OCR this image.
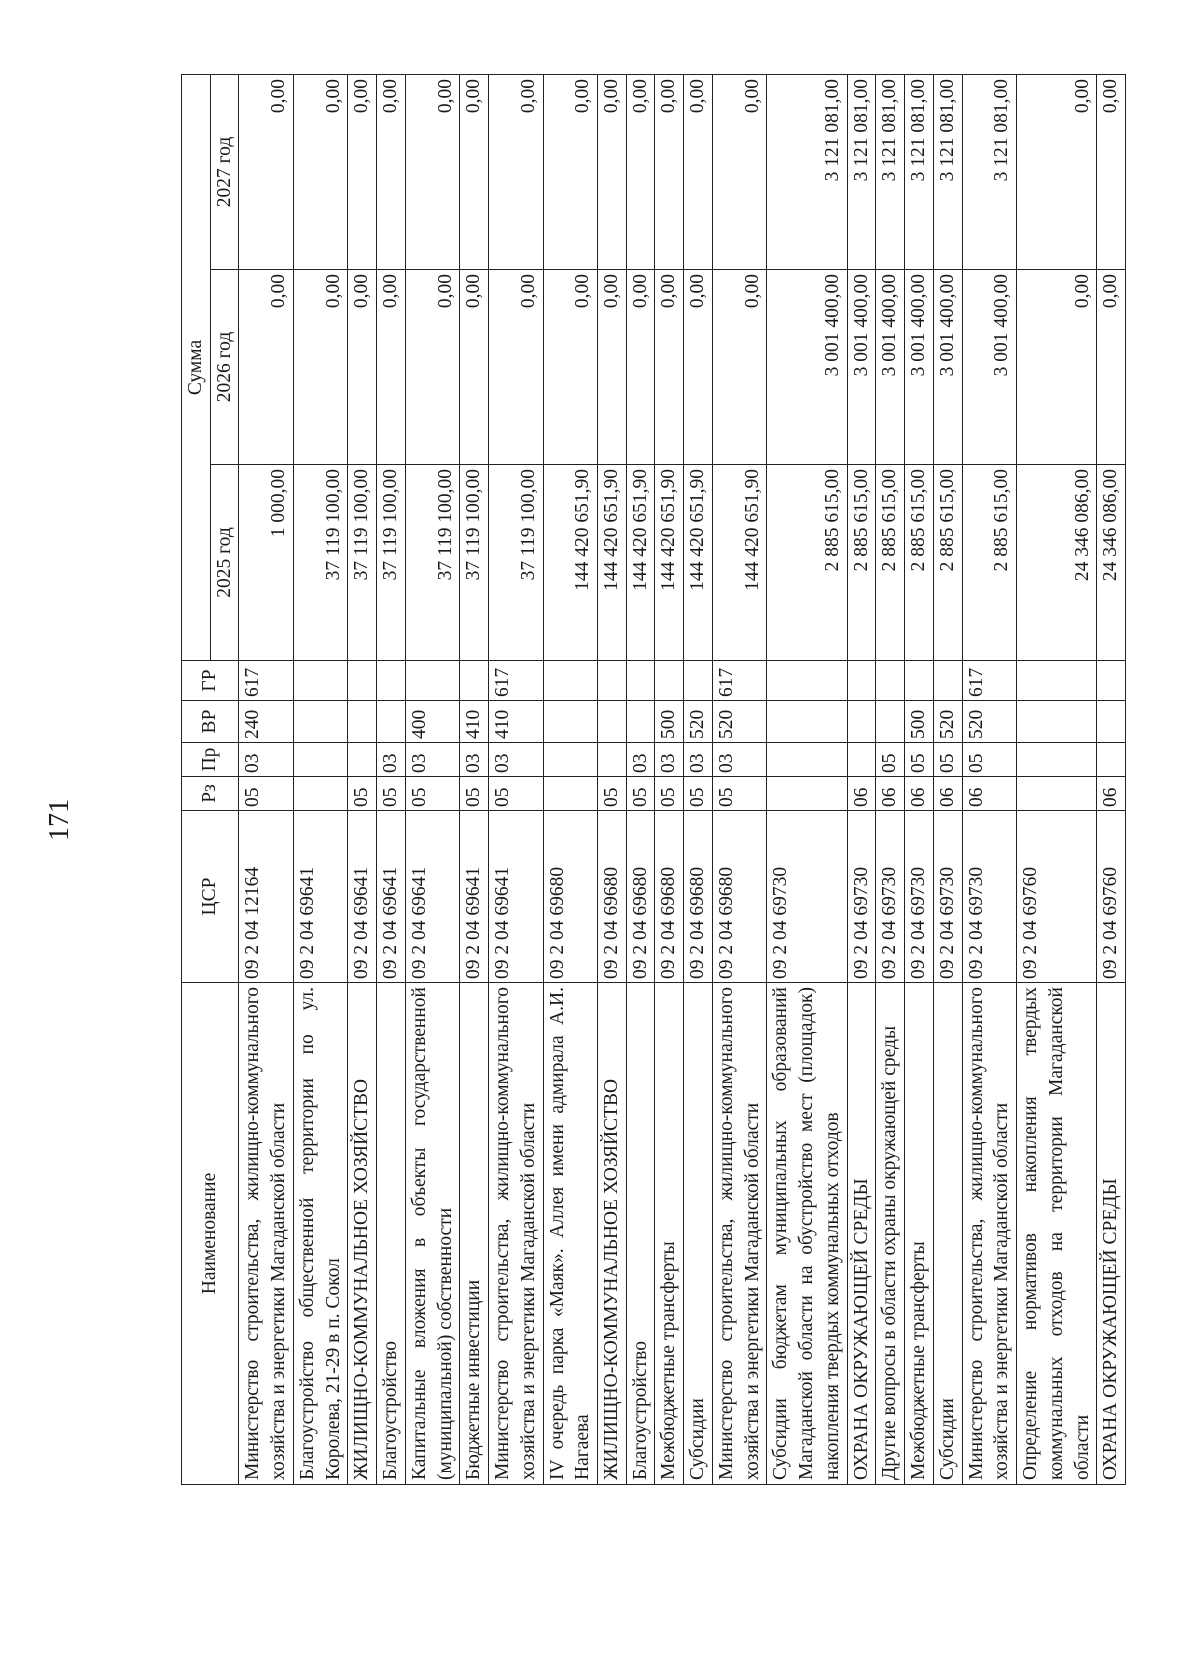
171
Наименование	ЦСР	Рз	Пр	ВР	ГР	Сумма		
						2025 год	2026 год	2027 год
Министерство строительства, жилищно-коммунального хозяйства и энергетики Магаданской области	09 2 04 12164	05	03	240	617	1 000,00	0,00	0,00
Благоустройство общественной территории по ул. Королева, 21-29 в п. Сокол	09 2 04 69641					37 119 100,00	0,00	0,00
ЖИЛИЩНО-КОММУНАЛЬНОЕ ХОЗЯЙСТВО	09 2 04 69641	05				37 119 100,00	0,00	0,00
Благоустройство	09 2 04 69641	05	03			37 119 100,00	0,00	0,00
Капитальные вложения в объекты государственной (муниципальной) собственности	09 2 04 69641	05	03	400		37 119 100,00	0,00	0,00
Бюджетные инвестиции	09 2 04 69641	05	03	410		37 119 100,00	0,00	0,00
Министерство строительства, жилищно-коммунального хозяйства и энергетики Магаданской области	09 2 04 69641	05	03	410	617	37 119 100,00	0,00	0,00
IV очередь парка «Маяк». Аллея имени адмирала А.И. Нагаева	09 2 04 69680					144 420 651,90	0,00	0,00
ЖИЛИЩНО-КОММУНАЛЬНОЕ ХОЗЯЙСТВО	09 2 04 69680	05				144 420 651,90	0,00	0,00
Благоустройство	09 2 04 69680	05	03			144 420 651,90	0,00	0,00
Межбюджетные трансферты	09 2 04 69680	05	03	500		144 420 651,90	0,00	0,00
Субсидии	09 2 04 69680	05	03	520		144 420 651,90	0,00	0,00
Министерство строительства, жилищно-коммунального хозяйства и энергетики Магаданской области	09 2 04 69680	05	03	520	617	144 420 651,90	0,00	0,00
Субсидии бюджетам муниципальных образований Магаданской области на обустройство мест (площадок) накопления твердых коммунальных отходов	09 2 04 69730					2 885 615,00	3 001 400,00	3 121 081,00
ОХРАНА ОКРУЖАЮЩЕЙ СРЕДЫ	09 2 04 69730	06				2 885 615,00	3 001 400,00	3 121 081,00
Другие вопросы в области охраны окружающей среды	09 2 04 69730	06	05			2 885 615,00	3 001 400,00	3 121 081,00
Межбюджетные трансферты	09 2 04 69730	06	05	500		2 885 615,00	3 001 400,00	3 121 081,00
Субсидии	09 2 04 69730	06	05	520		2 885 615,00	3 001 400,00	3 121 081,00
Министерство строительства, жилищно-коммунального хозяйства и энергетики Магаданской области	09 2 04 69730	06	05	520	617	2 885 615,00	3 001 400,00	3 121 081,00
Определение нормативов накопления твердых коммунальных отходов на территории Магаданской области	09 2 04 69760					24 346 086,00	0,00	0,00
ОХРАНА ОКРУЖАЮЩЕЙ СРЕДЫ	09 2 04 69760	06				24 346 086,00	0,00	0,00
